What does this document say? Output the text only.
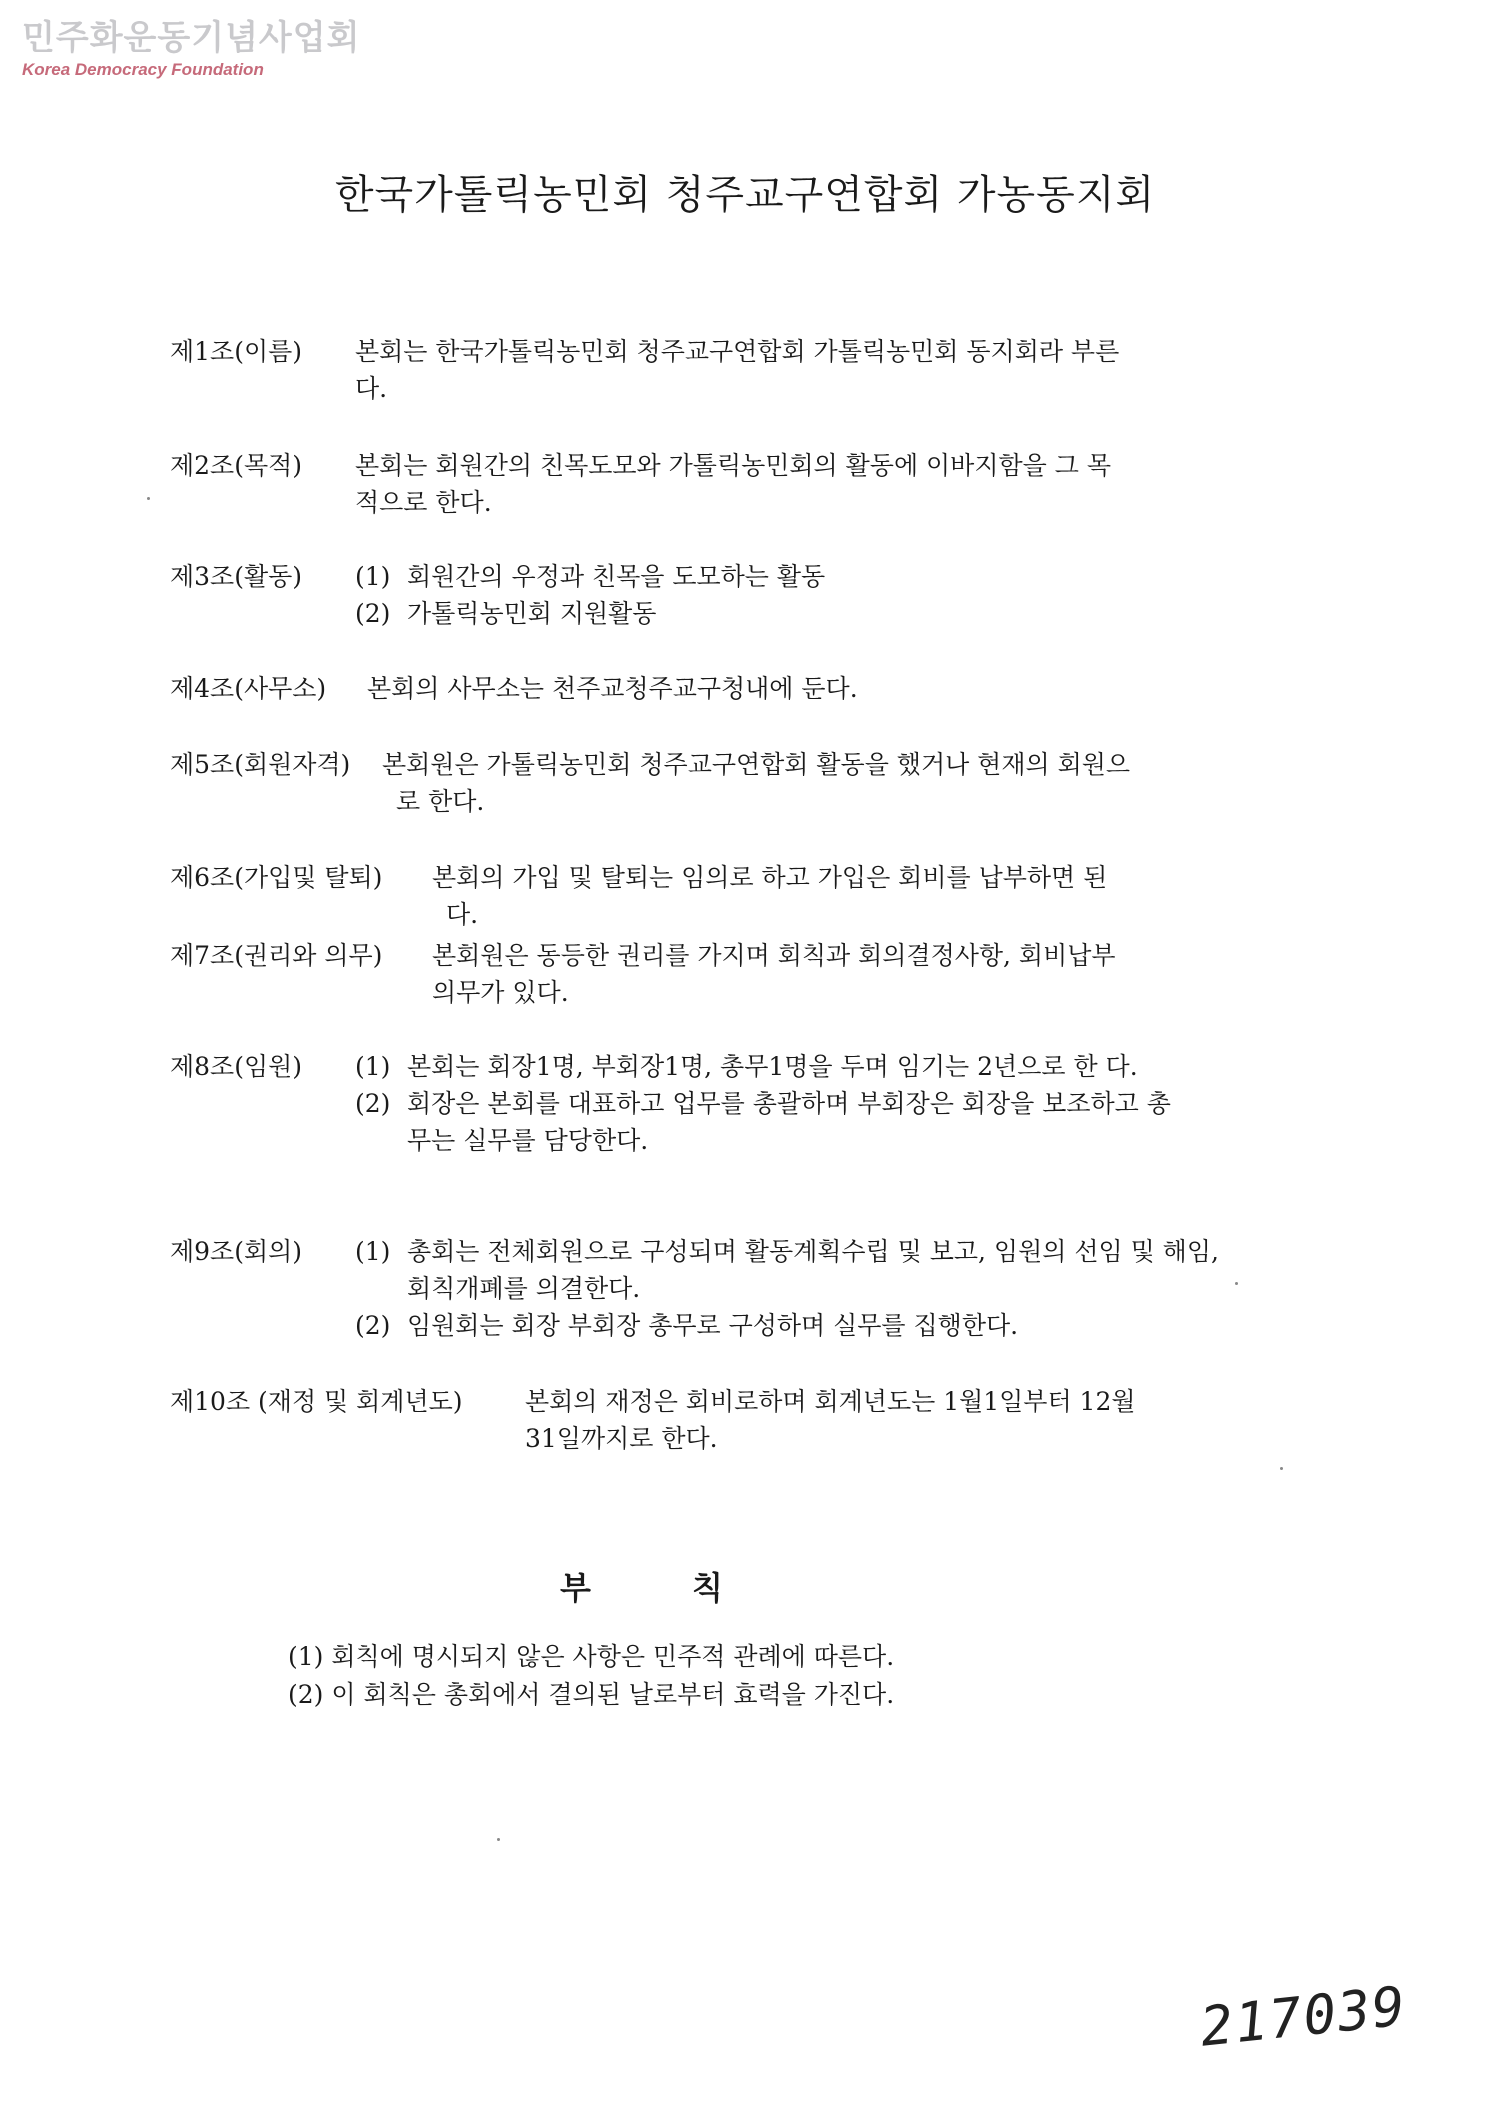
민주화운동기념사업회
Korea Democracy Foundation
한국가톨릭농민회 청주교구연합회 가농동지회
제1조(이름) 본회는 한국가톨릭농민회 청주교구연합회 가톨릭농민회 동지회라 부른
다.
제2조(목적) 본회는 회원간의 친목도모와 가톨릭농민회의 활동에 이바지함을 그 목
적으로 한다.
제3조(활동) (1) 회원간의 우정과 친목을 도모하는 활동
(2) 가톨릭농민회 지원활동
제4조(사무소) 본회의 사무소는 천주교청주교구청내에 둔다.
제5조(회원자격) 본회원은 가톨릭농민회 청주교구연합회 활동을 했거나 현재의 회원으
로 한다.
제6조(가입및 탈퇴) 본회의 가입 및 탈퇴는 임의로 하고 가입은 회비를 납부하면 된
다.
제7조(권리와 의무) 본회원은 동등한 권리를 가지며 회칙과 회의결정사항, 회비납부
의무가 있다.
제8조(임원) (1) 본회는 회장1명, 부회장1명, 총무1명을 두며 임기는 2년으로 한 다.
(2) 회장은 본회를 대표하고 업무를 총괄하며 부회장은 회장을 보조하고 총무는 실무를 담당한다.
제9조(회의) (1) 총회는 전체회원으로 구성되며 활동계획수립 및 보고, 임원의 선임 및 해임, 회칙개폐를 의결한다.
(2) 임원회는 회장 부회장 총무로 구성하며 실무를 집행한다.
제10조 (재정 및 회계년도) 본회의 재정은 회비로하며 회계년도는 1월1일부터 12월
31일까지로 한다.
부 칙
(1) 회칙에 명시되지 않은 사항은 민주적 관례에 따른다.
(2) 이 회칙은 총회에서 결의된 날로부터 효력을 가진다.
217039
